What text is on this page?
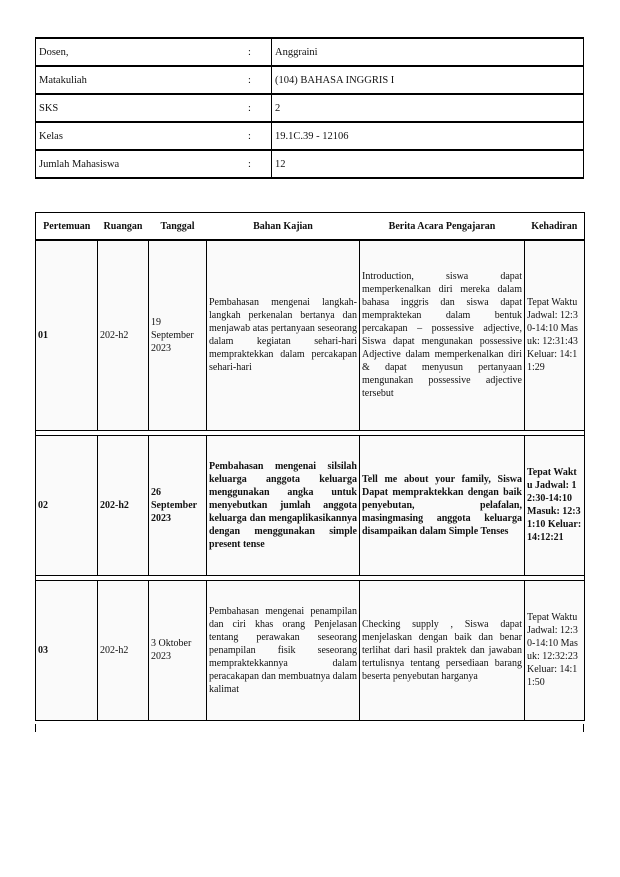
Dosen,	:	Anggraini
Matakuliah	:	(104) BAHASA INGGRIS I
SKS	:	2
Kelas	:	19.1C.39 - 12106
Jumlah Mahasiswa	:	12
Pertemuan	Ruangan	Tanggal	Bahan Kajian	Berita Acara Pengajaran	Kehadiran
01	202-h2	19 September 2023	Pembahasan mengenai langkah-langkah perkenalan bertanya dan menjawab atas pertanyaan seseorang dalam kegiatan sehari-hari mempraktekkan dalam percakapan sehari-hari	Introduction, siswa dapat memperkenalkan diri mereka dalam bahasa inggris dan siswa dapat mempraktekan dalam bentuk percakapan – possessive adjective, Siswa dapat mengunakan possessive Adjective dalam memperkenalkan diri & dapat menyusun pertanyaan mengunakan possessive adjective tersebut	Tepat Waktu Jadwal: 12:30-14:10 Masuk: 12:31:43 Keluar: 14:11:29

02	202-h2	26 September 2023	Pembahasan mengenai silsilah keluarga anggota keluarga menggunakan angka untuk menyebutkan jumlah anggota keluarga dan mengaplikasikannya dengan menggunakan simple present tense	Tell me about your family, Siswa Dapat mempraktekkan dengan baik penyebutan, pelafalan, masingmasing anggota keluarga disampaikan dalam Simple Tenses	Tepat Waktu Jadwal: 12:30-14:10 Masuk: 12:31:10 Keluar: 14:12:21

03	202-h2	3 Oktober 2023	Pembahasan mengenai penampilan dan ciri khas orang Penjelasan tentang perawakan seseorang penampilan fisik seseorang mempraktekkannya dalam peracakapan dan membuatnya dalam kalimat	Checking supply , Siswa dapat menjelaskan dengan baik dan benar terlihat dari hasil praktek dan jawaban tertulisnya tentang persediaan barang beserta penyebutan harganya	Tepat Waktu Jadwal: 12:30-14:10 Masuk: 12:32:23 Keluar: 14:11:50
